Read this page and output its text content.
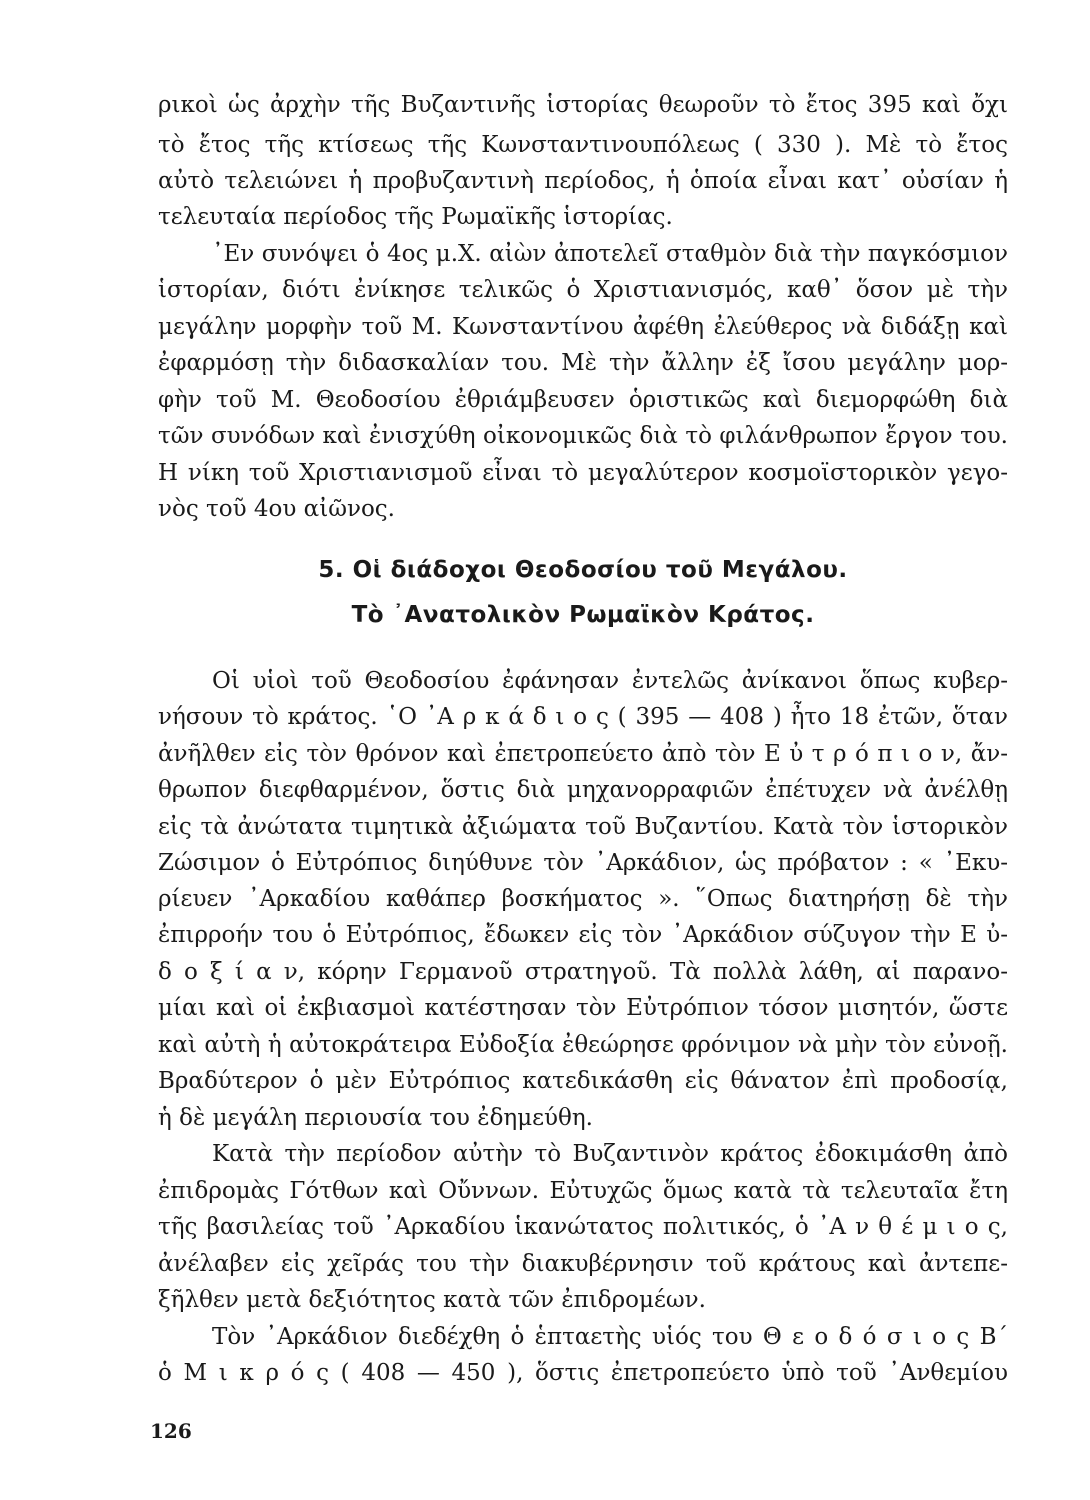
ρικοὶ ὡς ἀρχὴν τῆς Βυζαντινῆς ἱστορίας θεωροῦν τὸ ἔτος 395 καὶ ὄχι
τὸ ἔτος τῆς κτίσεως τῆς Κωνσταντινουπόλεως ( 330 ). Μὲ τὸ ἔτος
αὐτὸ τελειώνει ἡ προβυζαντινὴ περίοδος, ἡ ὁποία εἶναι κατ᾿ οὐσίαν ἡ
τελευταία περίοδος τῆς Ρωμαϊκῆς ἱστορίας.
᾿Εν συνόψει ὁ 4ος μ.Χ. αἰὼν ἀποτελεῖ σταθμὸν διὰ τὴν παγκόσμιον
ἱστορίαν, διότι ἐνίκησε τελικῶς ὁ Χριστιανισμός, καθ᾿ ὅσον μὲ τὴν
μεγάλην μορφὴν τοῦ Μ. Κωνσταντίνου ἀφέθη ἐλεύθερος νὰ διδάξῃ καὶ
ἐφαρμόσῃ τὴν διδασκαλίαν του. Μὲ τὴν ἄλλην ἐξ ἴσου μεγάλην μορ-
φὴν τοῦ Μ. Θεοδοσίου ἐθριάμβευσεν ὁριστικῶς καὶ διεμορφώθη διὰ
τῶν συνόδων καὶ ἐνισχύθη οἰκονομικῶς διὰ τὸ φιλάνθρωπον ἔργον του.
Η νίκη τοῦ Χριστιανισμοῦ εἶναι τὸ μεγαλύτερον κοσμοϊστορικὸν γεγο-
νὸς τοῦ 4ου αἰῶνος.
5. Οἱ διάδοχοι Θεοδοσίου τοῦ Μεγάλου.
Τὸ ᾿Ανατολικὸν Ρωμαϊκὸν Κράτος.
Οἱ υἱοὶ τοῦ Θεοδοσίου ἐφάνησαν ἐντελῶς ἀνίκανοι ὅπως κυβερ-
νήσουν τὸ κράτος. ῾Ο ᾿Α ρ κ ά δ ι ο ς ( 395 — 408 ) ἦτο 18 ἐτῶν, ὅταν
ἀνῆλθεν εἰς τὸν θρόνον καὶ ἐπετροπεύετο ἀπὸ τὸν Ε ὐ τ ρ ό π ι ο ν, ἄν-
θρωπον διεφθαρμένον, ὅστις διὰ μηχανορραφιῶν ἐπέτυχεν νὰ ἀνέλθῃ
εἰς τὰ ἀνώτατα τιμητικὰ ἀξιώματα τοῦ Βυζαντίου. Κατὰ τὸν ἱστορικὸν
Ζώσιμον ὁ Εὐτρόπιος διηύθυνε τὸν ᾿Αρκάδιον, ὡς πρόβατον : « ᾿Εκυ-
ρίευεν ᾿Αρκαδίου καθάπερ βοσκήματος ». ῞Οπως διατηρήσῃ δὲ τὴν
ἐπιρροήν του ὁ Εὐτρόπιος, ἔδωκεν εἰς τὸν ᾿Αρκάδιον σύζυγον τὴν Ε ὐ-
δ ο ξ ί α ν, κόρην Γερμανοῦ στρατηγοῦ. Τὰ πολλὰ λάθη, αἱ παρανο-
μίαι καὶ οἱ ἐκβιασμοὶ κατέστησαν τὸν Εὐτρόπιον τόσον μισητόν, ὥστε
καὶ αὐτὴ ἡ αὐτοκράτειρα Εὐδοξία ἐθεώρησε φρόνιμον νὰ μὴν τὸν εὐνοῇ.
Βραδύτερον ὁ μὲν Εὐτρόπιος κατεδικάσθη εἰς θάνατον ἐπὶ προδοσίᾳ,
ἡ δὲ μεγάλη περιουσία του ἐδημεύθη.
Κατὰ τὴν περίοδον αὐτὴν τὸ Βυζαντινὸν κράτος ἐδοκιμάσθη ἀπὸ
ἐπιδρομὰς Γότθων καὶ Οὔννων. Εὐτυχῶς ὅμως κατὰ τὰ τελευταῖα ἔτη
τῆς βασιλείας τοῦ ᾿Αρκαδίου ἱκανώτατος πολιτικός, ὁ ᾿Α ν θ έ μ ι ο ς,
ἀνέλαβεν εἰς χεῖράς του τὴν διακυβέρνησιν τοῦ κράτους καὶ ἀντεπε-
ξῆλθεν μετὰ δεξιότητος κατὰ τῶν ἐπιδρομέων.
Τὸν ᾿Αρκάδιον διεδέχθη ὁ ἑπταετὴς υἱός του Θ ε ο δ ό σ ι ο ς Β´
ὁ Μ ι κ ρ ό ς ( 408 — 450 ), ὅστις ἐπετροπεύετο ὑπὸ τοῦ ᾿Ανθεμίου
126
